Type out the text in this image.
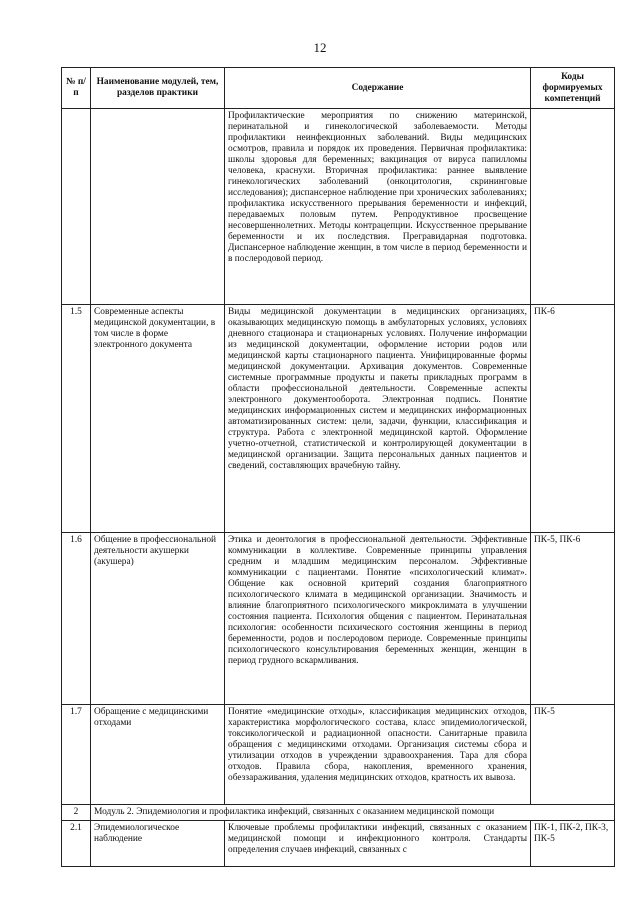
12
№ п/п	Наименование модулей, тем, разделов практики	Содержание	Коды формируемых компетенций
		Профилактические мероприятия по снижению материнской, перинатальной и гинекологической заболеваемости. Методы профилактики неинфекционных заболеваний. Виды медицинских осмотров, правила и порядок их проведения. Первичная профилактика: школы здоровья для беременных; вакцинация от вируса папилломы человека, краснухи. Вторичная профилактика: раннее выявление гинекологических заболеваний (онкоцитология, скрининговые исследования); диспансерное наблюдение при хронических заболеваниях; профилактика искусственного прерывания беременности и инфекций, передаваемых половым путем. Репродуктивное просвещение несовершеннолетних. Методы контрацепции. Искусственное прерывание беременности и их последствия. Прегравидарная подготовка. Диспансерное наблюдение женщин, в том числе в период беременности и в послеродовой период.	
1.5	Современные аспекты медицинской документации, в том числе в форме электронного документа	Виды медицинской документации в медицинских организациях, оказывающих медицинскую помощь в амбулаторных условиях, условиях дневного стационара и стационарных условиях. Получение информации из медицинской документации, оформление истории родов или медицинской карты стационарного пациента. Унифицированные формы медицинской документации. Архивация документов. Современные системные программные продукты и пакеты прикладных программ в области профессиональной деятельности. Современные аспекты электронного документооборота. Электронная подпись. Понятие медицинских информационных систем и медицинских информационных автоматизированных систем: цели, задачи, функции, классификация и структура. Работа с электронной медицинской картой. Оформление учетно-отчетной, статистической и контролирующей документации в медицинской организации. Защита персональных данных пациентов и сведений, составляющих врачебную тайну.	ПК-6
1.6	Общение в профессиональной деятельности акушерки (акушера)	Этика и деонтология в профессиональной деятельности. Эффективные коммуникации в коллективе. Современные принципы управления средним и младшим медицинским персоналом. Эффективные коммуникации с пациентами. Понятие «психологический климат». Общение как основной критерий создания благоприятного психологического климата в медицинской организации. Значимость и влияние благоприятного психологического микроклимата в улучшении состояния пациента. Психология общения с пациентом. Перинатальная психология: особенности психического состояния женщины в период беременности, родов и послеродовом периоде. Современные принципы психологического консультирования беременных женщин, женщин в период грудного вскармливания.	ПК-5, ПК-6
1.7	Обращение с медицинскими отходами	Понятие «медицинские отходы», классификация медицинских отходов, характеристика морфологического состава, класс эпидемиологической, токсикологической и радиационной опасности. Санитарные правила обращения с медицинскими отходами. Организация системы сбора и утилизации отходов в учреждении здравоохранения. Тара для сбора отходов. Правила сбора, накопления, временного хранения, обеззараживания, удаления медицинских отходов, кратность их вывоза.	ПК-5
2	Модуль 2. Эпидемиология и профилактика инфекций, связанных с оказанием медицинской помощи		
2.1	Эпидемиологическое наблюдение	Ключевые проблемы профилактики инфекций, связанных с оказанием медицинской помощи и инфекционного контроля. Стандарты определения случаев инфекций, связанных с	ПК-1, ПК-2, ПК-3, ПК-5
